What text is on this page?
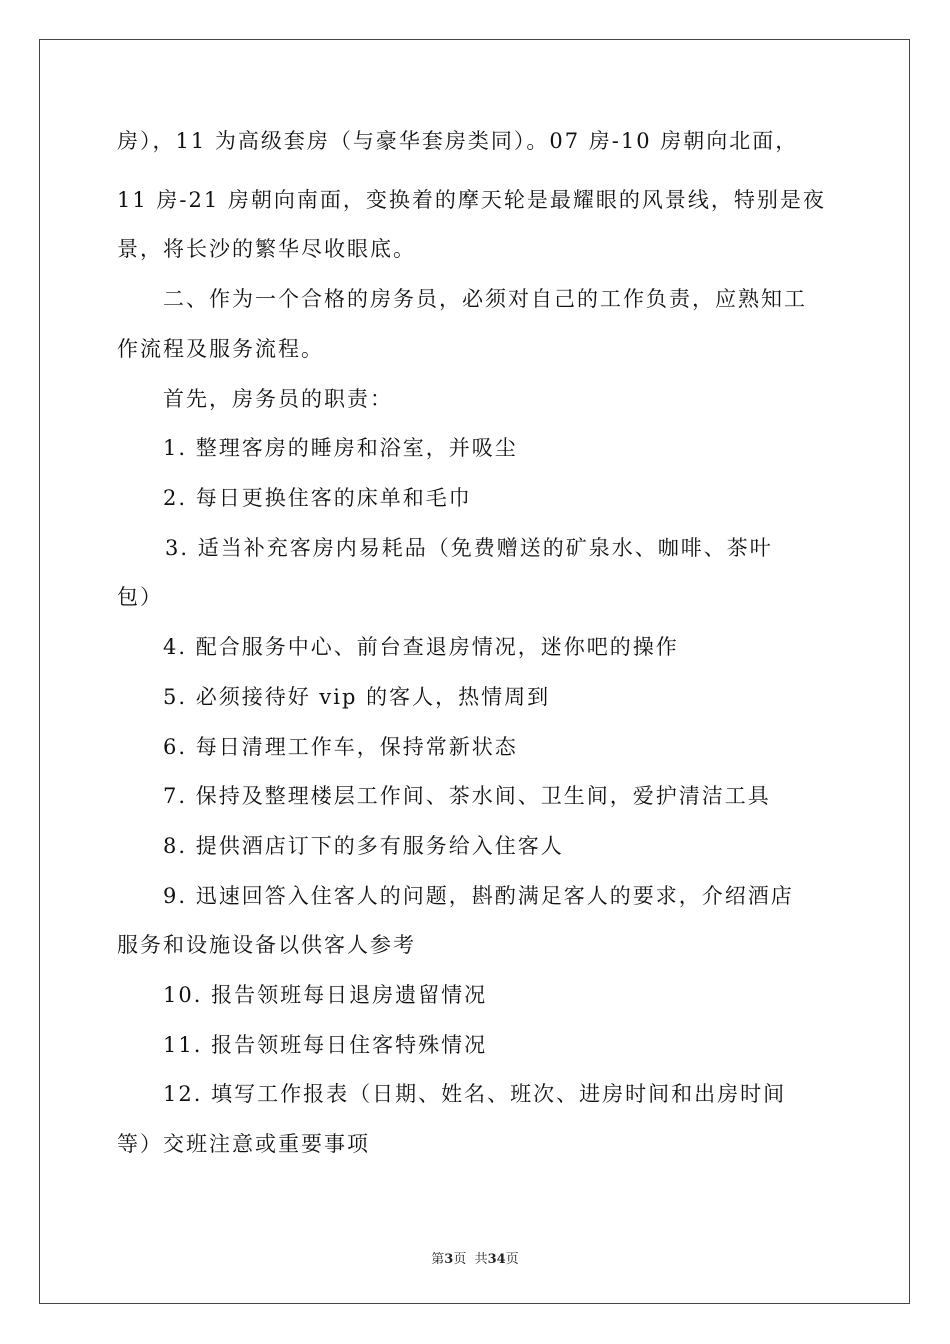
房），11 为高级套房（与豪华套房类同）。07 房-10 房朝向北面，
11 房-21 房朝向南面，变换着的摩天轮是最耀眼的风景线，特别是夜
景，将长沙的繁华尽收眼底。
二、作为一个合格的房务员，必须对自己的工作负责，应熟知工
作流程及服务流程。
首先，房务员的职责：
1. 整理客房的睡房和浴室，并吸尘
2. 每日更换住客的床单和毛巾
3. 适当补充客房内易耗品（免费赠送的矿泉水、咖啡、茶叶
包）
4. 配合服务中心、前台查退房情况，迷你吧的操作
5. 必须接待好 vip 的客人，热情周到
6. 每日清理工作车，保持常新状态
7. 保持及整理楼层工作间、茶水间、卫生间，爱护清洁工具
8. 提供酒店订下的多有服务给入住客人
9. 迅速回答入住客人的问题，斟酌满足客人的要求，介绍酒店
服务和设施设备以供客人参考
10. 报告领班每日退房遗留情况
11. 报告领班每日住客特殊情况
12. 填写工作报表（日期、姓名、班次、进房时间和出房时间
等）交班注意或重要事项
第3页  共34页
